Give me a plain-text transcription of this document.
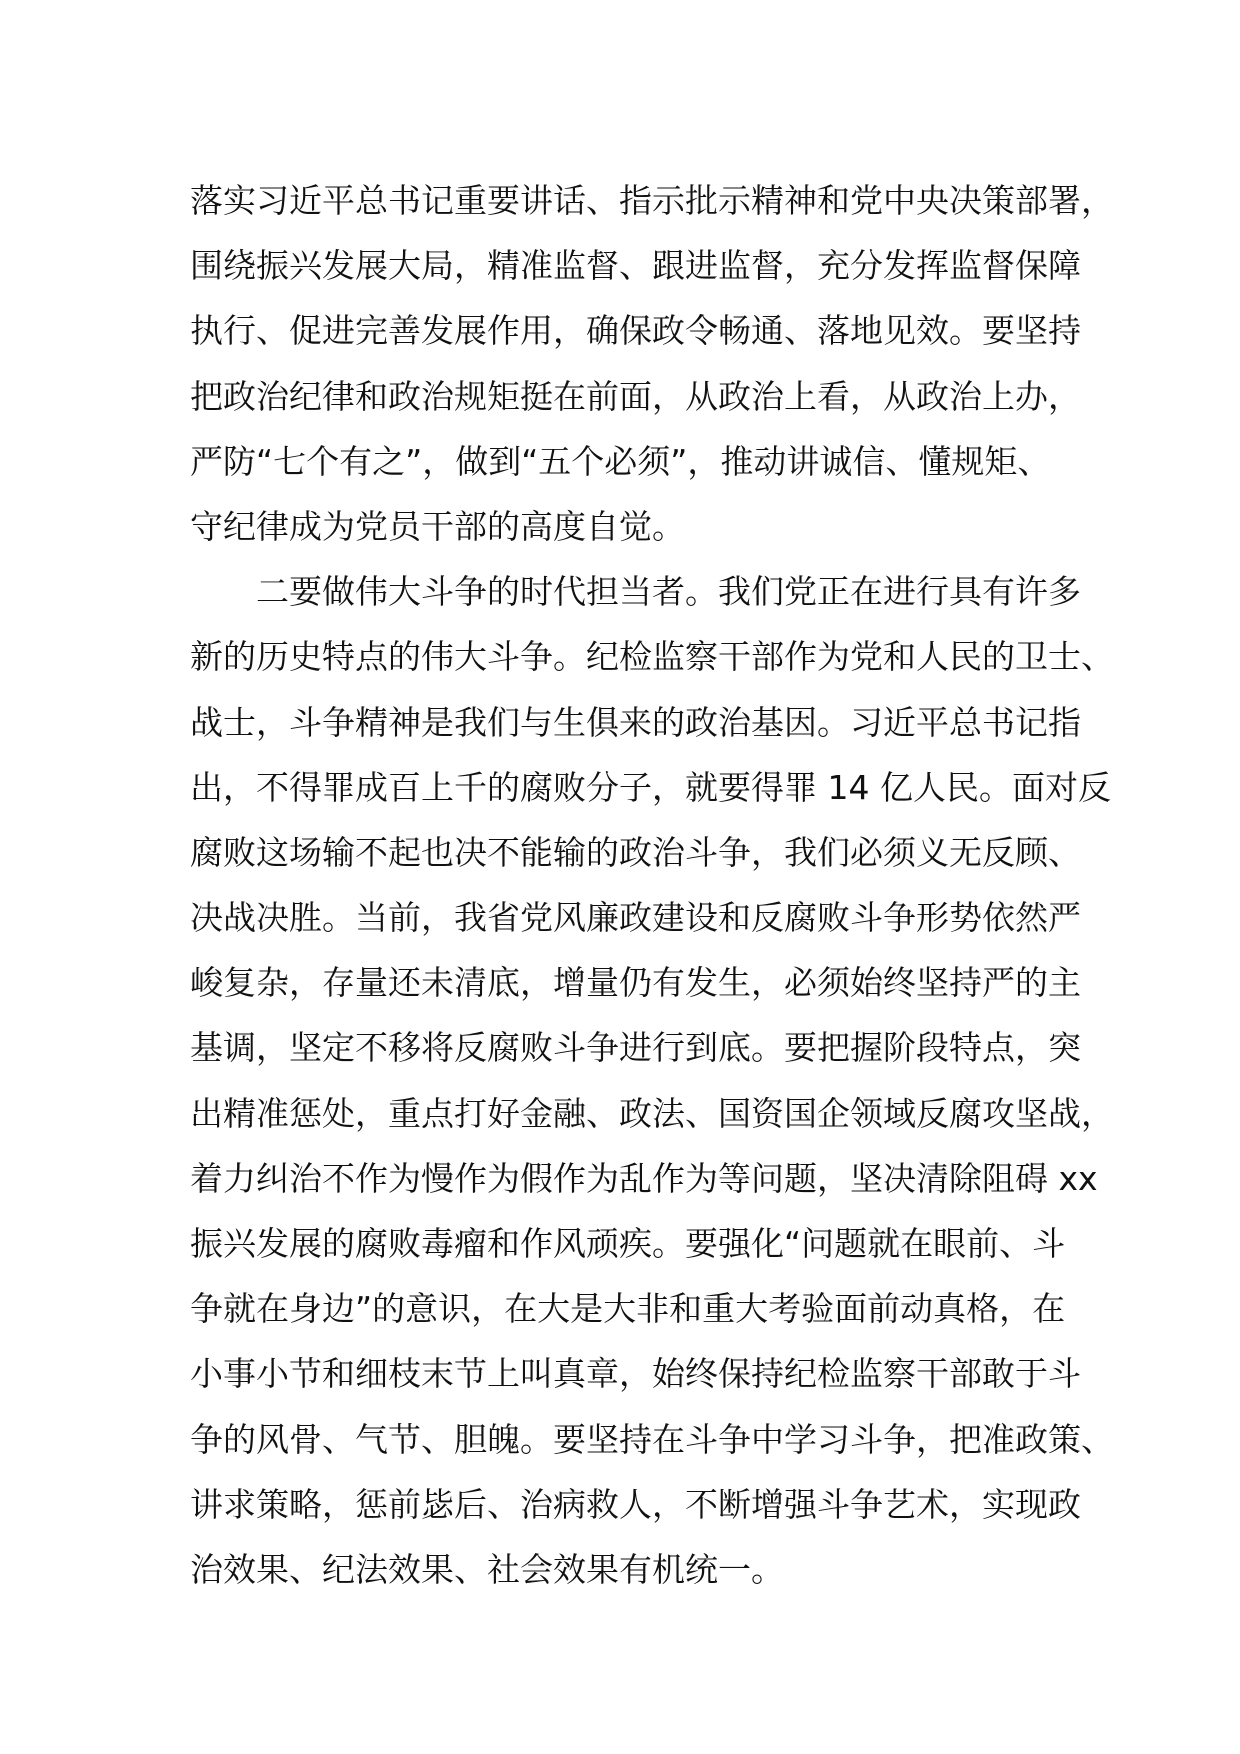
落实习近平总书记重要讲话、指示批示精神和党中央决策部署，
围绕振兴发展大局，精准监督、跟进监督，充分发挥监督保障
执行、促进完善发展作用，确保政令畅通、落地见效。要坚持
把政治纪律和政治规矩挺在前面，从政治上看，从政治上办，
严防“七个有之”，做到“五个必须”，推动讲诚信、懂规矩、
守纪律成为党员干部的高度自觉。
　　二要做伟大斗争的时代担当者。我们党正在进行具有许多
新的历史特点的伟大斗争。纪检监察干部作为党和人民的卫士、
战士，斗争精神是我们与生俱来的政治基因。习近平总书记指
出，不得罪成百上千的腐败分子，就要得罪 14 亿人民。面对反
腐败这场输不起也决不能输的政治斗争，我们必须义无反顾、
决战决胜。当前，我省党风廉政建设和反腐败斗争形势依然严
峻复杂，存量还未清底，增量仍有发生，必须始终坚持严的主
基调，坚定不移将反腐败斗争进行到底。要把握阶段特点，突
出精准惩处，重点打好金融、政法、国资国企领域反腐攻坚战，
着力纠治不作为慢作为假作为乱作为等问题，坚决清除阻碍 xx
振兴发展的腐败毒瘤和作风顽疾。要强化“问题就在眼前、斗
争就在身边”的意识，在大是大非和重大考验面前动真格，在
小事小节和细枝末节上叫真章，始终保持纪检监察干部敢于斗
争的风骨、气节、胆魄。要坚持在斗争中学习斗争，把准政策、
讲求策略，惩前毖后、治病救人，不断增强斗争艺术，实现政
治效果、纪法效果、社会效果有机统一。
